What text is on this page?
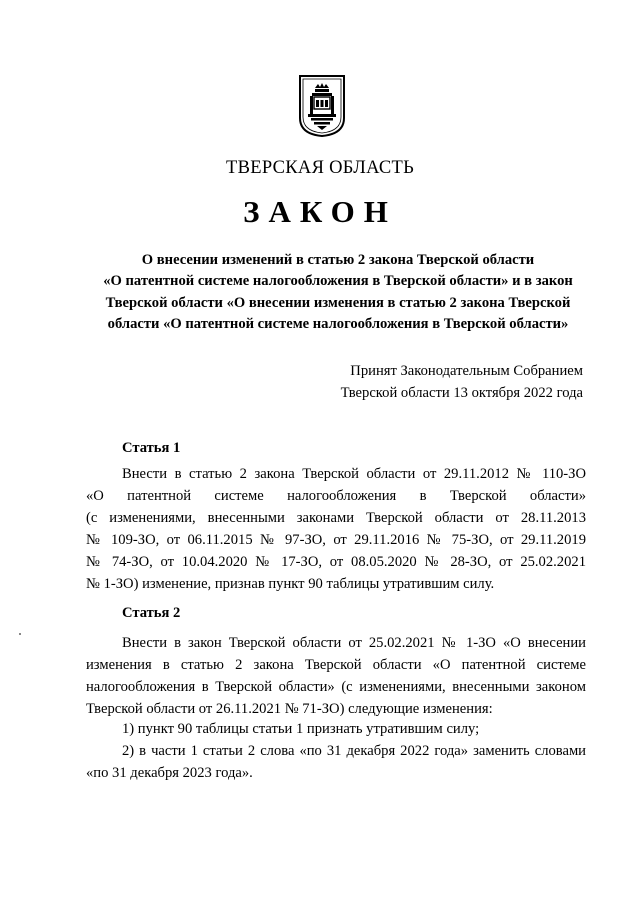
ТВЕРСКАЯ ОБЛАСТЬ
ЗАКОН
О внесении изменений в статью 2 закона Тверской области
«О патентной системе налогообложения в Тверской области» и в закон
Тверской области «О внесении изменения в статью 2 закона Тверской
области «О патентной системе налогообложения в Тверской области»
Принят Законодательным Собранием
Тверской области 13 октября 2022 года
Статья 1
Внести в статью 2 закона Тверской области от 29.11.2012 № 110-ЗО
«О патентной системе налогообложения в Тверской области»
(с изменениями, внесенными законами Тверской области от 28.11.2013
№ 109-ЗО, от 06.11.2015 № 97-ЗО, от 29.11.2016 № 75-ЗО, от 29.11.2019
№ 74-ЗО, от 10.04.2020 № 17-ЗО, от 08.05.2020 № 28-ЗО, от 25.02.2021
№ 1-ЗО) изменение, признав пункт 90 таблицы утратившим силу.
Статья 2
Внести в закон Тверской области от 25.02.2021 № 1-ЗО «О внесении
изменения в статью 2 закона Тверской области «О патентной системе
налогообложения в Тверской области» (с изменениями, внесенными законом
Тверской области от 26.11.2021 № 71-ЗО) следующие изменения:
1) пункт 90 таблицы статьи 1 признать утратившим силу;
2) в части 1 статьи 2 слова «по 31 декабря 2022 года» заменить словами
«по 31 декабря 2023 года».
